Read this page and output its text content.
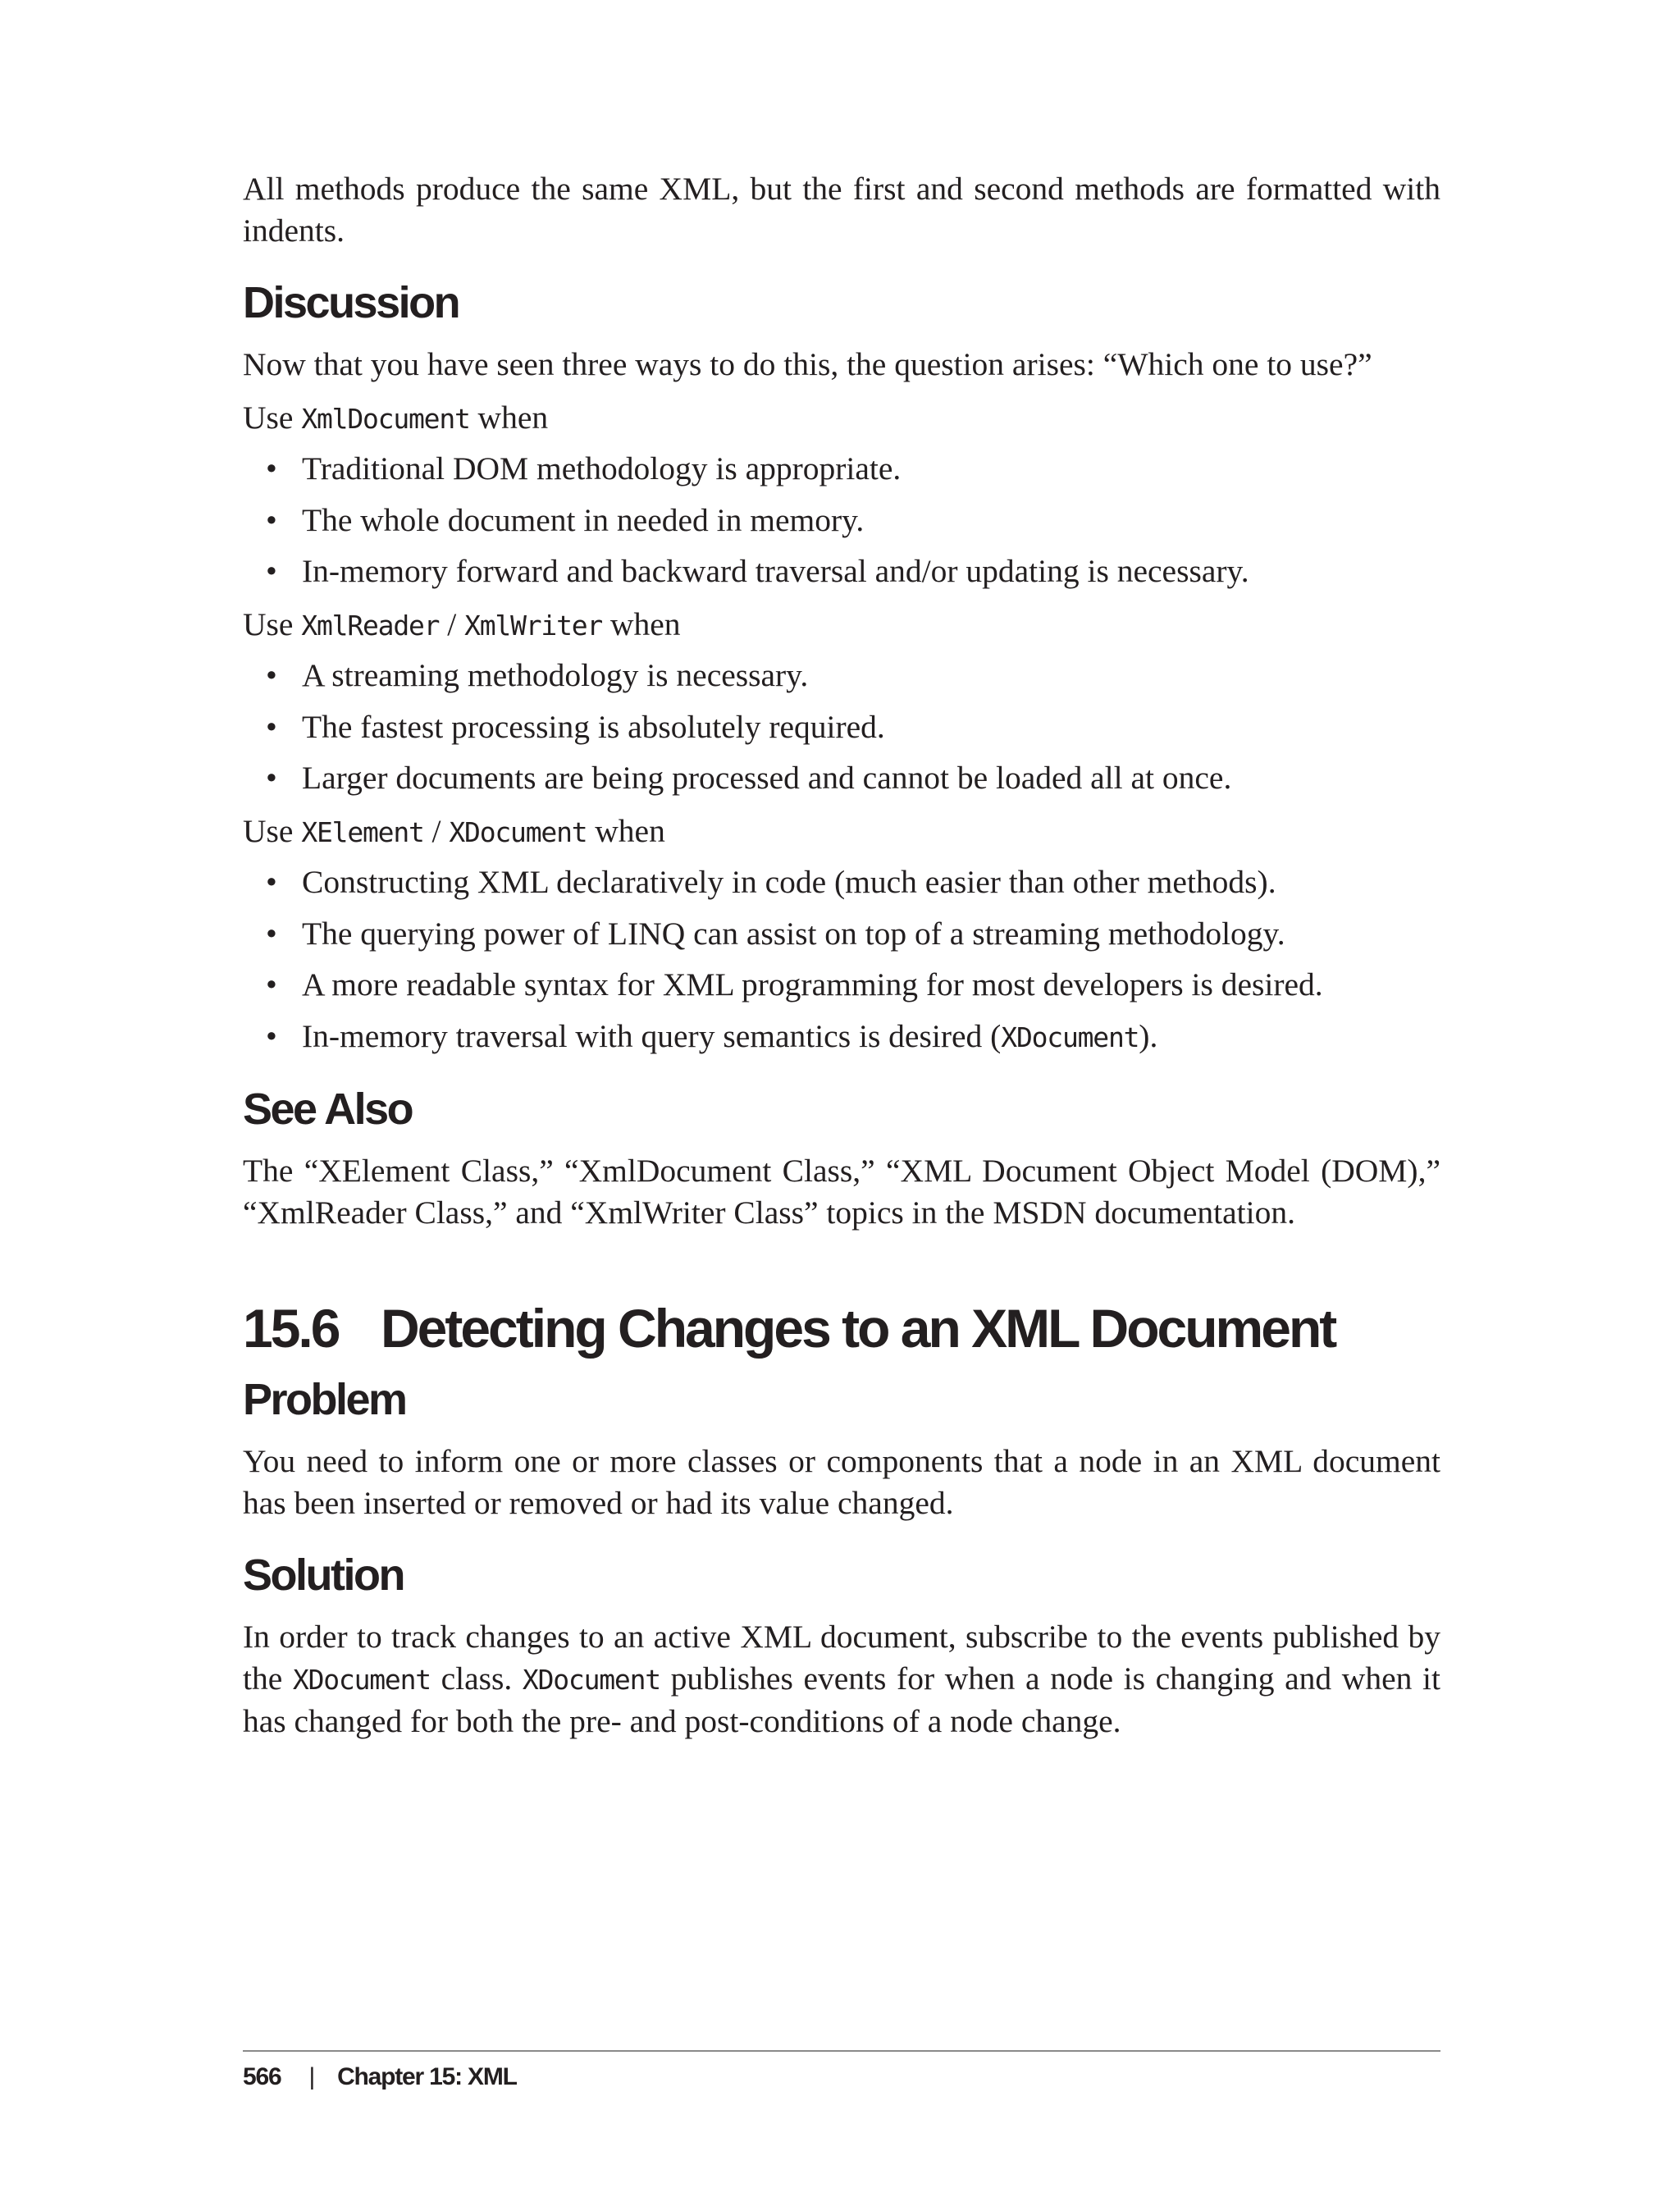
All methods produce the same XML, but the first and second methods are formatted with indents.

Discussion

Now that you have seen three ways to do this, the question arises: “Which one to use?”

Use XmlDocument when

• Traditional DOM methodology is appropriate.
• The whole document in needed in memory.
• In-memory forward and backward traversal and/or updating is necessary.

Use XmlReader / XmlWriter when

• A streaming methodology is necessary.
• The fastest processing is absolutely required.
• Larger documents are being processed and cannot be loaded all at once.

Use XElement / XDocument when

• Constructing XML declaratively in code (much easier than other methods).
• The querying power of LINQ can assist on top of a streaming methodology.
• A more readable syntax for XML programming for most developers is desired.
• In-memory traversal with query semantics is desired (XDocument).
See Also

The “XElement Class,” “XmlDocument Class,” “XML Document Object Model (DOM),” “XmlReader Class,” and “XmlWriter Class” topics in the MSDN documentation.

15.6 Detecting Changes to an XML Document
Problem

You need to inform one or more classes or components that a node in an XML document has been inserted or removed or had its value changed.

Solution

In order to track changes to an active XML document, subscribe to the events published by the XDocument class. XDocument publishes events for when a node is changing and when it has changed for both the pre- and post-conditions of a node change.

566 | Chapter 15: XML
